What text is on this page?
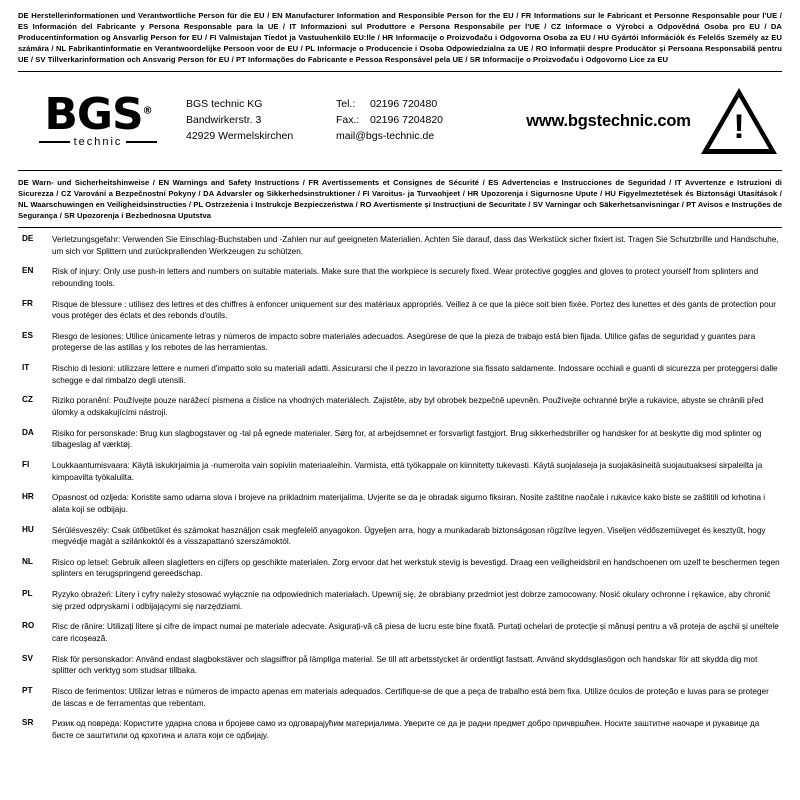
DE Herstellerinformationen und Verantwortliche Person für die EU / EN Manufacturer Information and Responsible Person for the EU / FR Informations sur le Fabricant et Personne Responsable pour l'UE / ES Información del Fabricante y Persona Responsable para la UE / IT Informazioni sul Produttore e Persona Responsabile per l'UE / CZ Informace o Výrobci a Odpovědná Osoba pro EU / DA Producentinformation og Ansvarlig Person for EU / FI Valmistajan Tiedot ja Vastuuhenkilö EU:lle / HR Informacije o Proizvođaču i Odgovorna Osoba za EU / HU Gyártói Információk és Felelős Személy az EU számára / NL Fabrikantinformatie en Verantwoordelijke Persoon voor de EU / PL Informacje o Producencie i Osoba Odpowiedzialna za UE / RO Informații despre Producător și Persoana Responsabilă pentru UE / SV Tillverkarinformation och Ansvarig Person för EU / PT Informações do Fabricante e Pessoa Responsável pela UE / SR Informacije o Proizvođaču i Odgovorno Lice za EU
BGS®
technic
BGS technic KG
Bandwirkerstr. 3
42929 Wermelskirchen
Tel.:	02196 720480
Fax.:	02196 7204820
mail@bgs-technic.de
www.bgstechnic.com	!
DE Warn- und Sicherheitshinweise / EN Warnings and Safety Instructions / FR Avertissements et Consignes de Sécurité / ES Advertencias e Instrucciones de Seguridad / IT Avvertenze e Istruzioni di Sicurezza / CZ Varování a Bezpečnostní Pokyny / DA Advarsler og Sikkerhedsinstruktioner / FI Varoitus- ja Turvaohjeet / HR Upozorenja i Sigurnosne Upute / HU Figyelmeztetések és Biztonsági Utasítások / NL Waarschuwingen en Veiligheidsinstructies / PL Ostrzeżenia i Instrukcje Bezpieczeństwa / RO Avertismente și Instrucțiuni de Securitate / SV Varningar och Säkerhetsanvisningar / PT Avisos e Instruções de Segurança / SR Upozorenja i Bezbednosna Uputstva
DE	Verletzungsgefahr: Verwenden Sie Einschlag-Buchstaben und -Zahlen nur auf geeigneten Materialien. Achten Sie darauf, dass das Werkstück sicher fixiert ist. Tragen Sie Schutzbrille und Handschuhe, um sich vor Splittern und zurückprallenden Werkzeugen zu schützen.
EN	Risk of injury: Only use push-in letters and numbers on suitable materials. Make sure that the workpiece is securely fixed. Wear protective goggles and gloves to protect yourself from splinters and rebounding tools.
FR	Risque de blessure : utilisez des lettres et des chiffres à enfoncer uniquement sur des matériaux appropriés. Veillez à ce que la pièce soit bien fixée. Portez des lunettes et des gants de protection pour vous protéger des éclats et des rebonds d'outils.
ES	Riesgo de lesiones: Utilice únicamente letras y números de impacto sobre materiales adecuados. Asegúrese de que la pieza de trabajo está bien fijada. Utilice gafas de seguridad y guantes para protegerse de las astillas y los rebotes de las herramientas.
IT	Rischio di lesioni: utilizzare lettere e numeri d'impatto solo su materiali adatti. Assicurarsi che il pezzo in lavorazione sia fissato saldamente. Indossare occhiali e guanti di sicurezza per proteggersi dalle schegge e dal rimbalzo degli utensili.
CZ	Riziko poranění: Používejte pouze narážecí písmena a číslice na vhodných materiálech. Zajistěte, aby byl obrobek bezpečně upevněn. Používejte ochranné brýle a rukavice, abyste se chránili před úlomky a odskakujícími nástroji.
DA	Risiko for personskade: Brug kun slagbogstaver og -tal på egnede materialer. Sørg for, at arbejdsemnet er forsvarligt fastgjort. Brug sikkerhedsbriller og handsker for at beskytte dig mod splinter og tilbageslag af værktøj.
FI	Loukkaantumisvaara: Käytä iskukirjaimia ja -numeroita vain sopiviin materiaaleihin. Varmista, että työkappale on kiinnitetty tukevasti. Käytä suojalaseja ja suojakäsineitä suojautuaksesi sirpaleilta ja kimpoavilta työkaluilta.
HR	Opasnost od ozljeda: Koristite samo udarna slova i brojeve na prikladnim materijalima. Uvjerite se da je obradak sigurno fiksiran. Nosite zaštitne naočale i rukavice kako biste se zaštitili od krhotina i alata koji se odbijaju.
HU	Sérülésveszély: Csak ütőbetűket és számokat használjon csak megfelelő anyagokon. Ügyeljen arra, hogy a munkadarab biztonságosan rögzítve legyen. Viseljen védőszemüveget és kesztyűt, hogy megvédje magát a szilánkoktól és a visszapattanó szerszámoktól.
NL	Risico op letsel: Gebruik alleen slagletters en cijfers op geschikte materialen. Zorg ervoor dat het werkstuk stevig is bevestigd. Draag een veiligheidsbril en handschoenen om uzelf te beschermen tegen splinters en terugspringend gereedschap.
PL	Ryzyko obrażeń: Litery i cyfry należy stosować wyłącznie na odpowiednich materiałach. Upewnij się, że obrabiany przedmiot jest dobrze zamocowany. Nosić okulary ochronne i rękawice, aby chronić się przed odpryskami i odbijającymi się narzędziami.
RO	Risc de rănire: Utilizați litere și cifre de impact numai pe materiale adecvate. Asigurați-vă că piesa de lucru este bine fixată. Purtați ochelari de protecție și mănuși pentru a vă proteja de așchii și uneltele care ricoșează.
SV	Risk för personskador: Använd endast slagbokstäver och slagsiffror på lämpliga material. Se till att arbetsstycket är ordentligt fastsatt. Använd skyddsglasögon och handskar för att skydda dig mot splitter och verktyg som studsar tillbaka.
PT	Risco de ferimentos: Utilizar letras e números de impacto apenas em materiais adequados. Certifique-se de que a peça de trabalho está bem fixa. Utilize óculos de proteção e luvas para se proteger de lascas e de ferramentas que rebentam.
SR	Ризик од повреда: Користите ударна слова и бројеве само из одговарајућим материјалима. Уверите се да је радни предмет добро причвршћен. Носите заштитне наочаре и рукавице да бисте се заштитили од крхотина и алата који се одбијају.
